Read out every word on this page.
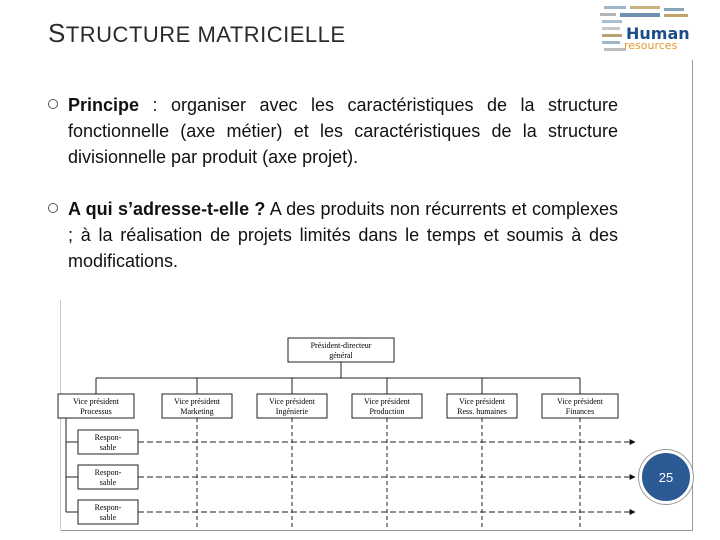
STRUCTURE MATRICIELLE	Human
resources
Principe : organiser avec les caractéristiques de la structure fonctionnelle (axe métier) et les caractéristiques de la structure divisionnelle par produit (axe projet).
A qui s’adresse-t-elle ? A des produits non récurrents et complexes ; à la réalisation de projets limités dans le temps et soumis à des modifications.
Président-directeur
général
Vice président
Processus
Vice président
Marketing
Vice président
Ingénierie
Vice président
Production
Vice président
Ress. humaines
Vice président
Finances
Respon-
sable
Respon-
sable
Respon-
sable
25
